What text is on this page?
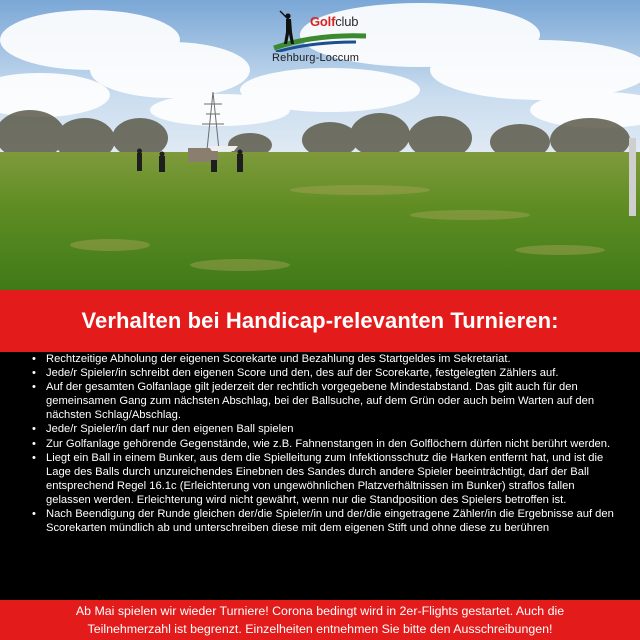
Golfclub
Rehburg-Loccum
Verhalten bei Handicap-relevanten Turnieren:
• Rechtzeitige Abholung der eigenen Scorekarte und Bezahlung des Startgeldes im Sekretariat.
• Jede/r Spieler/in schreibt den eigenen Score und den, des auf der Scorekarte, festgelegten Zählers auf.
• Auf der gesamten Golfanlage gilt jederzeit der rechtlich vorgegebene Mindestabstand. Das gilt auch für den gemeinsamen Gang zum nächsten Abschlag, bei der Ballsuche, auf dem Grün oder auch beim Warten auf den nächsten Schlag/Abschlag.
• Jede/r Spieler/in darf nur den eigenen Ball spielen
• Zur Golfanlage gehörende Gegenstände, wie z.B. Fahnenstangen in den Golflöchern dürfen nicht berührt werden.
• Liegt ein Ball in einem Bunker, aus dem die Spielleitung zum Infektionsschutz die Harken entfernt hat, und ist die Lage des Balls durch unzureichendes Einebnen des Sandes durch andere Spieler beeinträchtigt, darf der Ball entsprechend Regel 16.1c (Erleichterung von ungewöhnlichen Platzverhältnissen im Bunker) straflos fallen gelassen werden. Erleichterung wird nicht gewährt, wenn nur die Standposition des Spielers betroffen ist.
• Nach Beendigung der Runde gleichen der/die Spieler/in und der/die eingetragene Zähler/in die Ergebnisse auf den Scorekarten mündlich ab und unterschreiben diese mit dem eigenen Stift und ohne diese zu berühren
Ab Mai spielen wir wieder Turniere! Corona bedingt wird in 2er-Flights gestartet. Auch die
Teilnehmerzahl ist begrenzt. Einzelheiten entnehmen Sie bitte den Ausschreibungen!
